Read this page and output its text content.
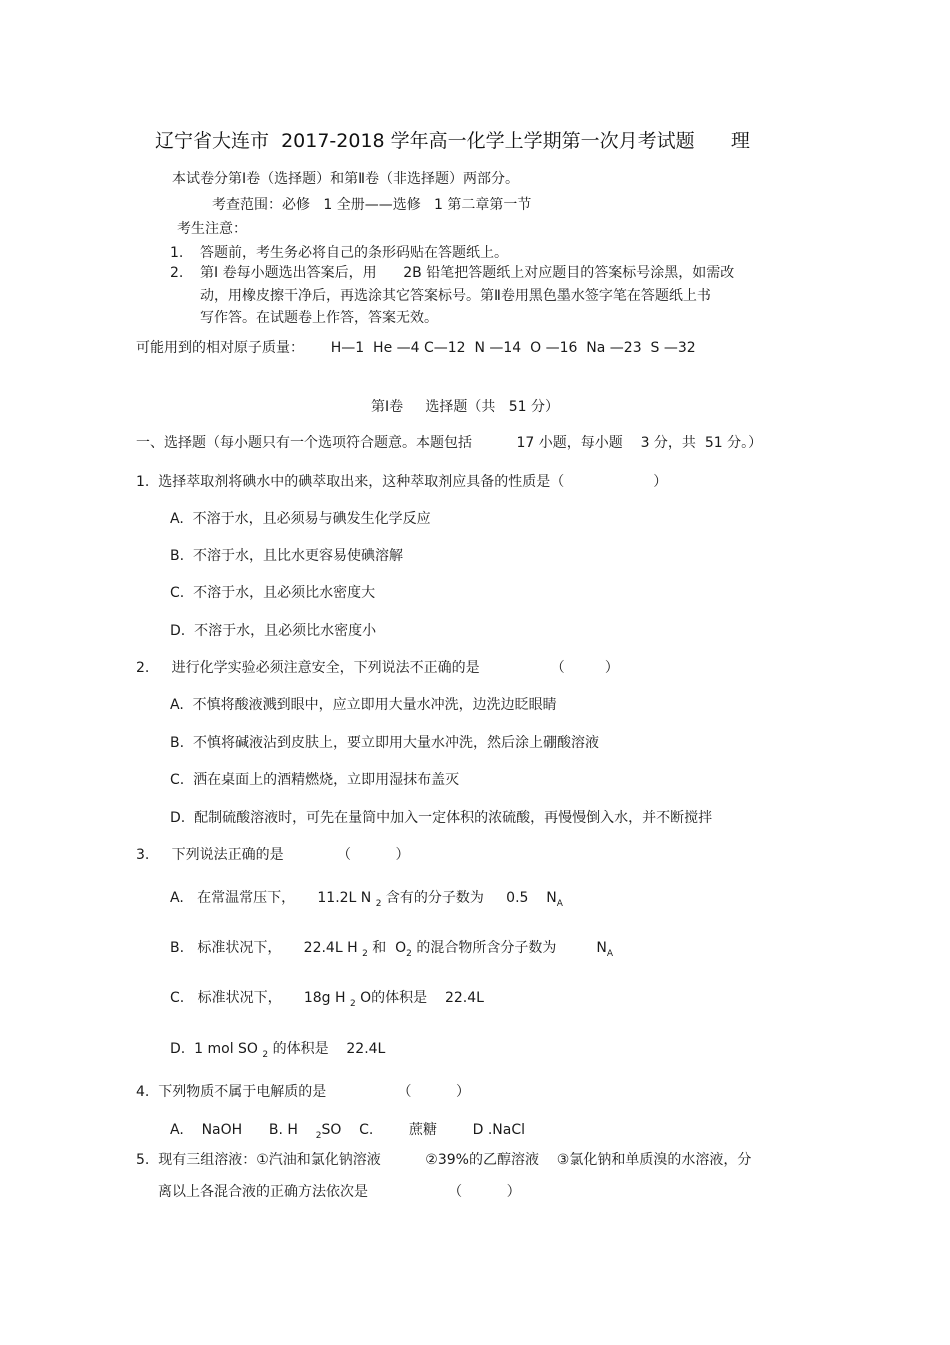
辽宁省大连市  2017-2018 学年高一化学上学期第一次月考试题      理
本试卷分第Ⅰ卷（选择题）和第Ⅱ卷（非选择题）两部分。
考查范围：必修   1 全册——选修   1 第二章第一节
考生注意：
1. 答题前，考生务必将自己的条形码贴在答题纸上。
2. 第Ⅰ 卷每小题选出答案后，用      2B 铅笔把答题纸上对应题目的答案标号涂黑，如需改
动，用橡皮擦干净后，再选涂其它答案标号。第Ⅱ卷用黑色墨水签字笔在答题纸上书
写作答。在试题卷上作答，答案无效。
可能用到的相对原子质量：      H—1  He —4 C—12  N —14  O —16  Na —23  S —32
第Ⅰ卷     选择题（共   51 分）
一、选择题（每小题只有一个选项符合题意。本题包括          17 小题，每小题    3 分，共  51 分。）
1.  选择萃取剂将碘水中的碘萃取出来，这种萃取剂应具备的性质是（                    ）
A.  不溶于水，且必须易与碘发生化学反应
B.  不溶于水，且比水更容易使碘溶解
C.  不溶于水，且必须比水密度大
D.  不溶于水，且必须比水密度小
2.     进行化学实验必须注意安全，下列说法不正确的是                （         ）
A.  不慎将酸液溅到眼中，应立即用大量水冲洗，边洗边眨眼睛
B.  不慎将碱液沾到皮肤上，要立即用大量水冲洗，然后涂上硼酸溶液
C.  洒在桌面上的酒精燃烧，立即用湿抹布盖灭
D.  配制硫酸溶液时，可先在量筒中加入一定体积的浓硫酸，再慢慢倒入水，并不断搅拌
3.     下列说法正确的是            （          ）
A.   在常温常压下，     11.2L N $_2$ 含有的分子数为     0.5    $N_A$
B.   标准状况下，     22.4L H $_2$ 和  $O_2$ 的混合物所含分子数为         $N_A$
C.   标准状况下，     18g H $_2$ O的体积是    22.4L
D.  1 mol SO $_2$ 的体积是    22.4L
4.  下列物质不属于电解质的是                （          ）
A.    NaOH      B. H    $_2$SO    C.        蔗糖        D .NaCl
5.  现有三组溶液：①汽油和氯化钠溶液          ②39%的乙醇溶液    ③氯化钠和单质溴的水溶液，分
离以上各混合液的正确方法依次是                  （          ）
